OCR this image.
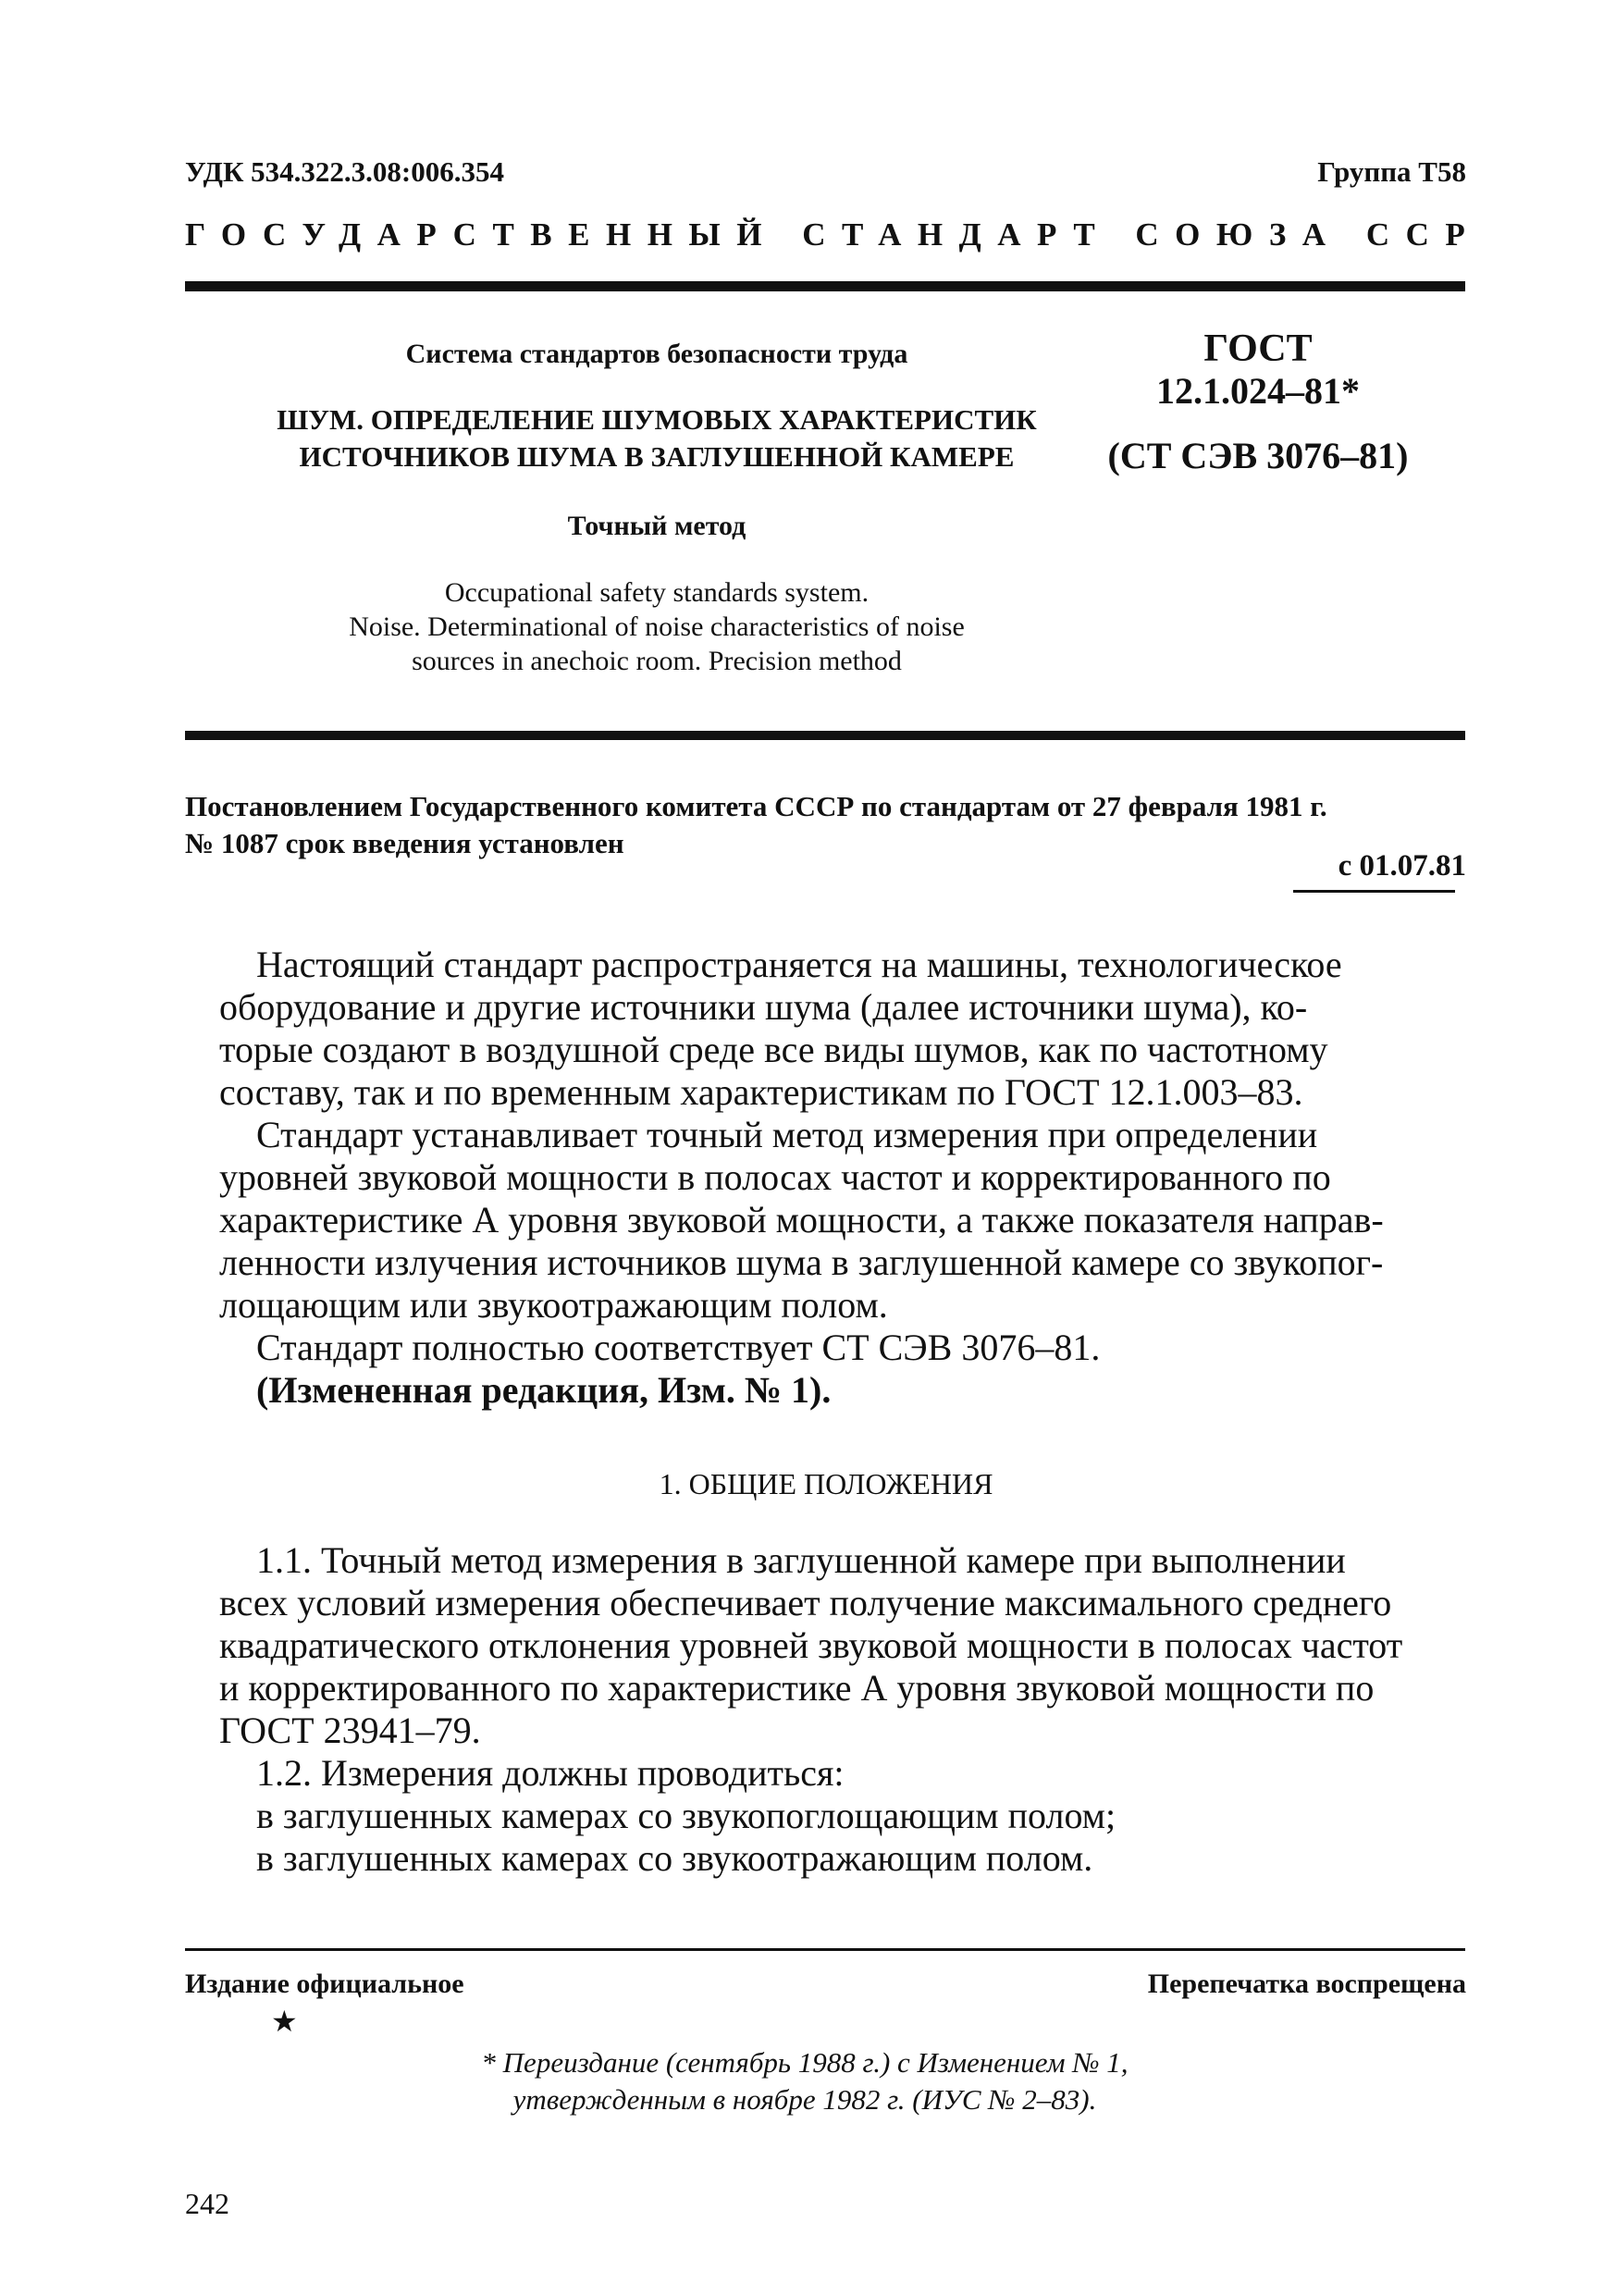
УДК 534.322.3.08:006.354	Группа Т58
ГОСУДАРСТВЕННЫЙ СТАНДАРТ СОЮЗА ССР
Система стандартов безопасности труда
ШУМ. ОПРЕДЕЛЕНИЕ ШУМОВЫХ ХАРАКТЕРИСТИК
ИСТОЧНИКОВ ШУМА В ЗАГЛУШЕННОЙ КАМЕРЕ
Точный метод
Occupational safety standards system.
Noise. Determinational of noise characteristics of noise
sources in anechoic room. Precision method
ГОСТ
12.1.024–81*
(СТ СЭВ 3076–81)
Постановлением Государственного комитета СССР по стандартам от 27 февраля 1981 г.
№ 1087 срок введения установлен
с 01.07.81
Настоящий стандарт распространяется на машины, технологическое
оборудование и другие источники шума (далее источники шума), ко-
торые создают в воздушной среде все виды шумов, как по частотному
составу, так и по временным характеристикам по ГОСТ 12.1.003–83.
Стандарт устанавливает точный метод измерения при определении
уровней звуковой мощности в полосах частот и корректированного по
характеристике А уровня звуковой мощности, а также показателя направ-
ленности излучения источников шума в заглушенной камере со звукопог-
лощающим или звукоотражающим полом.
Стандарт полностью соответствует СТ СЭВ 3076–81.
(Измененная редакция, Изм. № 1).
1. ОБЩИЕ ПОЛОЖЕНИЯ
1.1. Точный метод измерения в заглушенной камере при выполнении
всех условий измерения обеспечивает получение максимального среднего
квадратического отклонения уровней звуковой мощности в полосах частот
и корректированного по характеристике А уровня звуковой мощности по
ГОСТ 23941–79.
1.2. Измерения должны проводиться:
в заглушенных камерах со звукопоглощающим полом;
в заглушенных камерах со звукоотражающим полом.
Издание официальное	Перепечатка воспрещена
★
* Переиздание (сентябрь 1988 г.) с Изменением № 1,
утвержденным в ноябре 1982 г. (ИУС № 2–83).
242
